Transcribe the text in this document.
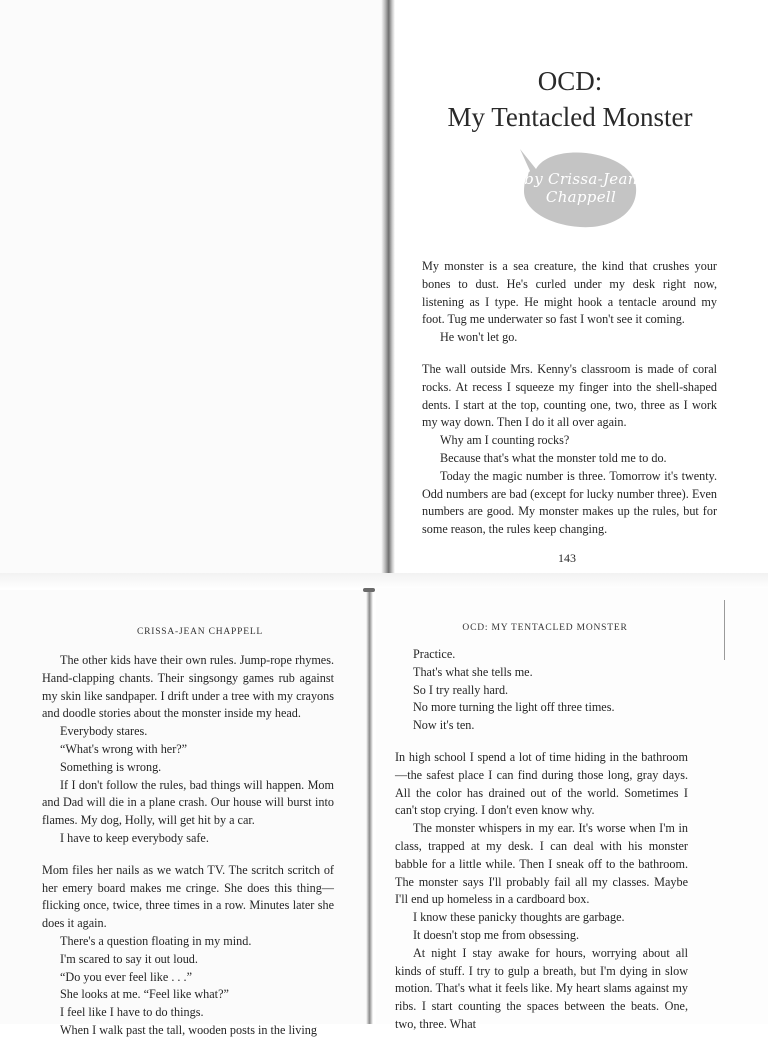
OCD:
My Tentacled Monster
by Crissa-Jean
Chappell

My monster is a sea creature, the kind that crushes your bones to dust. He's curled under my desk right now, listening as I type. He might hook a tentacle around my foot. Tug me underwater so fast I won't see it coming.

He won't let go.

The wall outside Mrs. Kenny's classroom is made of coral rocks. At recess I squeeze my finger into the shell-shaped dents. I start at the top, counting one, two, three as I work my way down. Then I do it all over again.

Why am I counting rocks?

Because that's what the monster told me to do.

Today the magic number is three. Tomorrow it's twenty. Odd numbers are bad (except for lucky number three). Even numbers are good. My monster makes up the rules, but for some reason, the rules keep changing.

143
CRISSA-JEAN CHAPPELL

The other kids have their own rules. Jump-rope rhymes. Hand-clapping chants. Their singsongy games rub against my skin like sandpaper. I drift under a tree with my crayons and doodle stories about the monster inside my head.

Everybody stares.

“What's wrong with her?”

Something is wrong.

If I don't follow the rules, bad things will happen. Mom and Dad will die in a plane crash. Our house will burst into flames. My dog, Holly, will get hit by a car.

I have to keep everybody safe.

Mom files her nails as we watch TV. The scritch scritch of her emery board makes me cringe. She does this thing—flicking once, twice, three times in a row. Minutes later she does it again.

There's a question floating in my mind.

I'm scared to say it out loud.

“Do you ever feel like . . .”

She looks at me. “Feel like what?”

I feel like I have to do things.

When I walk past the tall, wooden posts in the living

OCD: MY TENTACLED MONSTER

Practice.

That's what she tells me.

So I try really hard.

No more turning the light off three times.

Now it's ten.

In high school I spend a lot of time hiding in the bathroom—the safest place I can find during those long, gray days. All the color has drained out of the world. Sometimes I can't stop crying. I don't even know why.

The monster whispers in my ear. It's worse when I'm in class, trapped at my desk. I can deal with his monster babble for a little while. Then I sneak off to the bathroom. The monster says I'll probably fail all my classes. Maybe I'll end up homeless in a cardboard box.

I know these panicky thoughts are garbage.

It doesn't stop me from obsessing.

At night I stay awake for hours, worrying about all kinds of stuff. I try to gulp a breath, but I'm dying in slow motion. That's what it feels like. My heart slams against my ribs. I start counting the spaces between the beats. One, two, three. What
